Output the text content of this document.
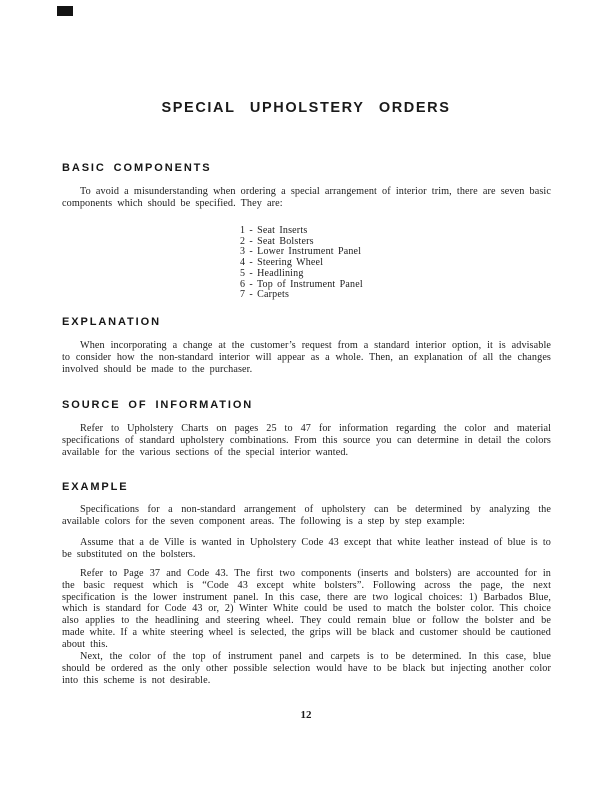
SPECIAL UPHOLSTERY ORDERS
BASIC COMPONENTS
To avoid a misunderstanding when ordering a special arrangement of interior trim, there are seven basic components which should be specified. They are:
1 - Seat Inserts
2 - Seat Bolsters
3 - Lower Instrument Panel
4 - Steering Wheel
5 - Headlining
6 - Top of Instrument Panel
7 - Carpets
EXPLANATION
When incorporating a change at the customer’s request from a standard interior option, it is advisable to consider how the non-standard interior will appear as a whole. Then, an explanation of all the changes involved should be made to the purchaser.
SOURCE OF INFORMATION
Refer to Upholstery Charts on pages 25 to 47 for information regarding the color and material specifications of standard upholstery combinations. From this source you can determine in detail the colors available for the various sections of the special interior wanted.
EXAMPLE
Specifications for a non-standard arrangement of upholstery can be determined by analyzing the available colors for the seven component areas. The following is a step by step example:
Assume that a de Ville is wanted in Upholstery Code 43 except that white leather instead of blue is to be substituted on the bolsters.
Refer to Page 37 and Code 43. The first two components (inserts and bolsters) are accounted for in the basic request which is “Code 43 except white bolsters”. Following across the page, the next specification is the lower instrument panel. In this case, there are two logical choices: 1) Barbados Blue, which is standard for Code 43 or, 2) Winter White could be used to match the bolster color. This choice also applies to the headlining and steering wheel. They could remain blue or follow the bolster and be made white. If a white steering wheel is selected, the grips will be black and customer should be cautioned about this.
Next, the color of the top of instrument panel and carpets is to be determined. In this case, blue should be ordered as the only other possible selection would have to be black but injecting another color into this scheme is not desirable.
12
